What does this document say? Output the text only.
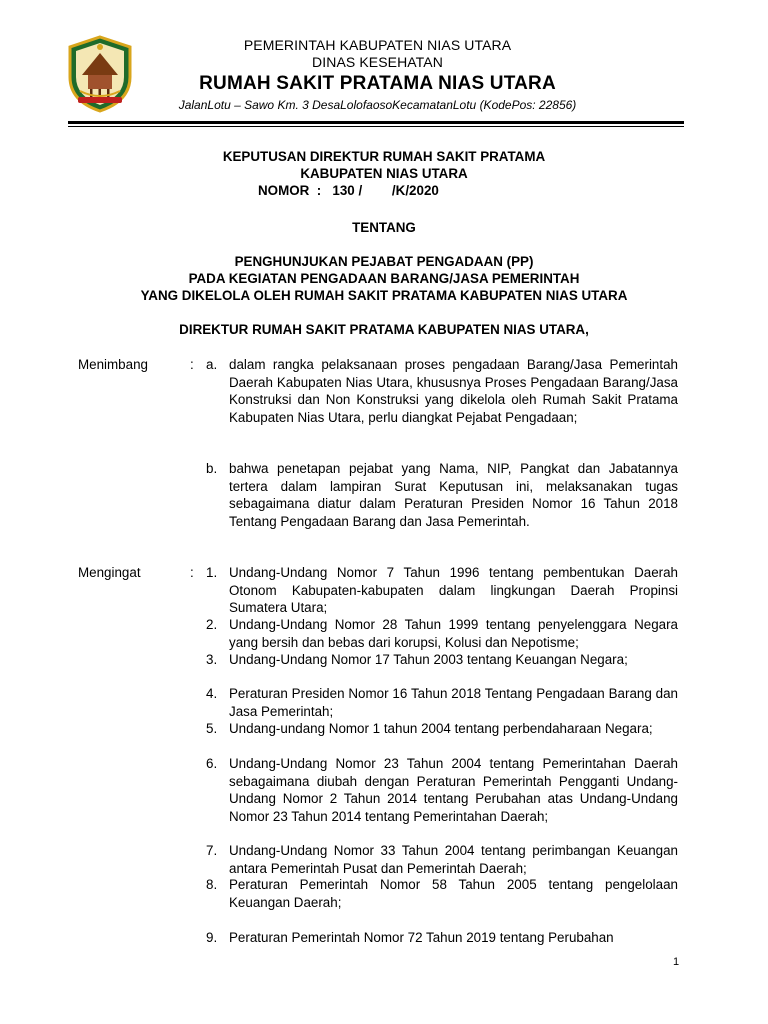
PEMERINTAH KABUPATEN NIAS UTARA
DINAS KESEHATAN
RUMAH SAKIT PRATAMA NIAS UTARA
JalanLotu – Sawo Km. 3 DesaLolofaosoKecamatanLotu (KodePos: 22856)
KEPUTUSAN DIREKTUR RUMAH SAKIT PRATAMA
KABUPATEN NIAS UTARA
NOMOR  :   130 /        /K/2020
TENTANG
PENGHUNJUKAN PEJABAT PENGADAAN (PP)
PADA KEGIATAN PENGADAAN BARANG/JASA PEMERINTAH
YANG DIKELOLA OLEH RUMAH SAKIT PRATAMA KABUPATEN NIAS UTARA
DIREKTUR RUMAH SAKIT PRATAMA KABUPATEN NIAS UTARA,
Menimbang	: a. dalam rangka pelaksanaan proses pengadaan Barang/Jasa Pemerintah Daerah Kabupaten Nias Utara, khususnya Proses Pengadaan Barang/Jasa Konstruksi dan Non Konstruksi yang dikelola oleh Rumah Sakit Pratama Kabupaten Nias Utara, perlu diangkat Pejabat Pengadaan;
b. bahwa penetapan pejabat yang Nama, NIP, Pangkat dan Jabatannya tertera dalam lampiran Surat Keputusan ini, melaksanakan tugas sebagaimana diatur dalam Peraturan Presiden Nomor 16 Tahun 2018 Tentang Pengadaan Barang dan Jasa Pemerintah.
Mengingat	: 1. Undang-Undang Nomor 7 Tahun 1996 tentang pembentukan Daerah Otonom Kabupaten-kabupaten dalam lingkungan Daerah Propinsi Sumatera Utara;
2. Undang-Undang Nomor 28 Tahun 1999 tentang penyelenggara Negara yang bersih dan bebas dari korupsi, Kolusi dan Nepotisme;
3. Undang-Undang Nomor 17 Tahun 2003 tentang Keuangan Negara;
4. Peraturan Presiden Nomor 16 Tahun 2018 Tentang Pengadaan Barang dan Jasa Pemerintah;
5. Undang-undang Nomor 1 tahun 2004 tentang perbendaharaan Negara;
6. Undang-Undang Nomor 23 Tahun 2004 tentang Pemerintahan Daerah sebagaimana diubah dengan Peraturan Pemerintah Pengganti Undang-Undang Nomor 2 Tahun 2014 tentang Perubahan atas Undang-Undang Nomor 23 Tahun 2014 tentang Pemerintahan Daerah;
7. Undang-Undang Nomor 33 Tahun 2004 tentang perimbangan Keuangan antara Pemerintah Pusat dan Pemerintah Daerah;
8. Peraturan Pemerintah Nomor 58 Tahun 2005 tentang pengelolaan Keuangan Daerah;
9. Peraturan Pemerintah Nomor 72 Tahun 2019 tentang Perubahan
1
